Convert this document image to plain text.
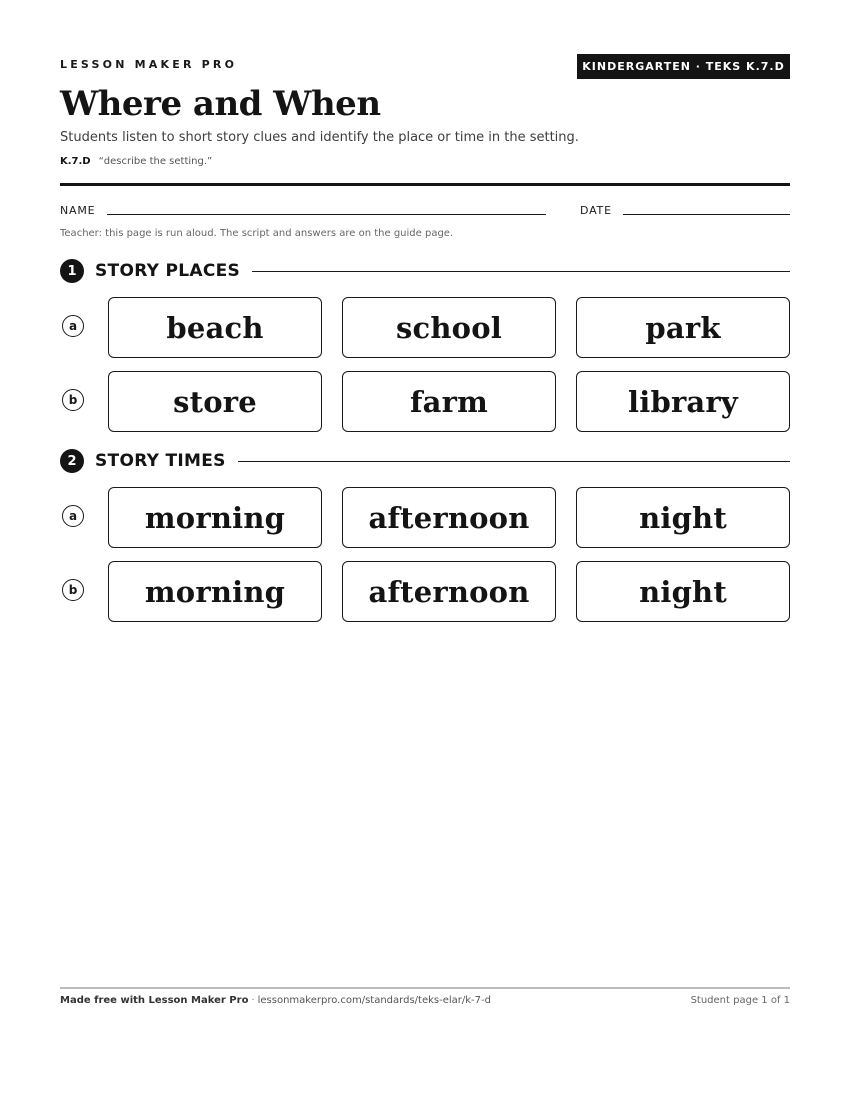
LESSON MAKER PRO	KINDERGARTEN · TEKS K.7.D
Where and When
Students listen to short story clues and identify the place or time in the setting.
K.7.D “describe the setting.”
NAME	DATE
Teacher: this page is run aloud. The script and answers are on the guide page.
1	STORY PLACES
a	beach	school	park
b	store	farm	library
2	STORY TIMES
a	morning	afternoon	night
b	morning	afternoon	night
Made free with Lesson Maker Pro · lessonmakerpro.com/standards/teks-elar/k-7-d	Student page 1 of 1
